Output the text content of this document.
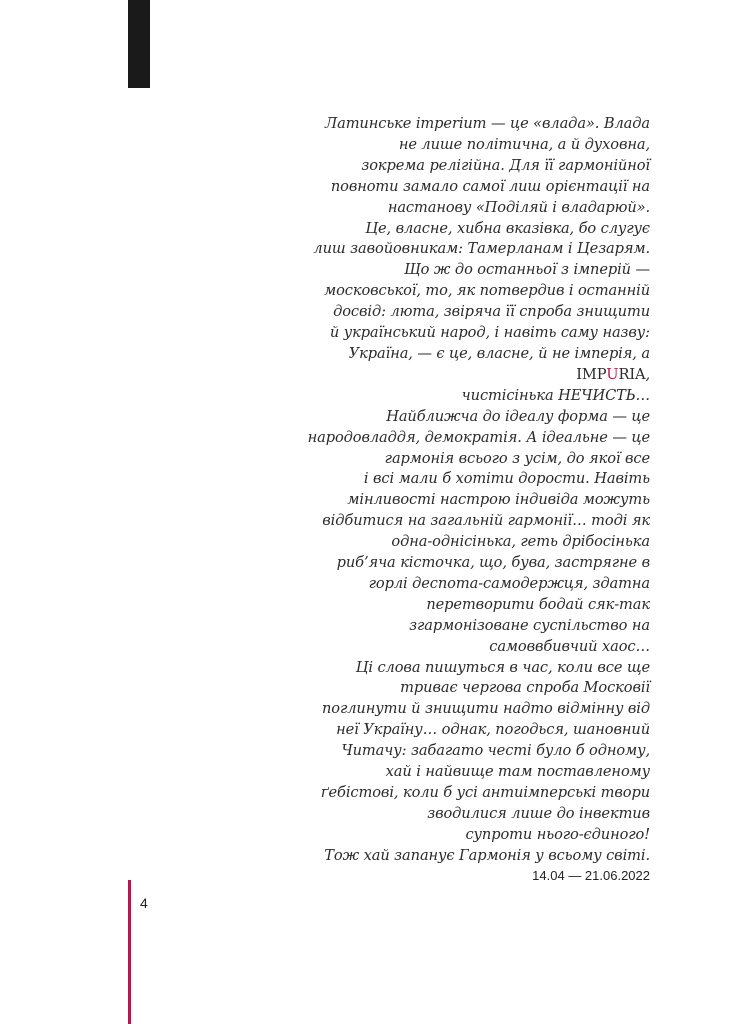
Латинське imperium — це «влада». Влада
не лише політична, а й духовна,
зокрема релігійна. Для її гармонійної
повноти замало самої лиш орієнтації на
настанову «Поділяй і владарюй».
Це, власне, хибна вказівка, бо слугує
лиш завойовникам: Тамерланам і Цезарям.
Що ж до останньої з імперій —
московської, то, як потвердив і останній
досвід: люта, звіряча її спроба знищити
й український народ, і навіть саму назву:
Україна, — є це, власне, й не імперія, а
IMPURIA,
чистісінька НЕЧИСТЬ…
Найближча до ідеалу форма — це
народовладдя, демократія. А ідеальне — це
гармонія всього з усім, до якої все
і всі мали б хотіти дорости. Навіть
мінливості настрою індивіда можуть
відбитися на загальній гармонії… тоді як
одна-однісінька, геть дрібосінька
риб’яча кісточка, що, бува, застрягне в
горлі деспота-самодержця, здатна
перетворити бодай сяк-так
згармонізоване суспільство на
самоввбивчий хаос…
Ці слова пишуться в час, коли все ще
триває чергова спроба Московії
поглинути й знищити надто відмінну від
неї Україну… однак, погодься, шановний
Читачу: забагато честі було б одному,
хай і найвище там поставленому
ґебістові, коли б усі антиімперські твори
зводилися лише до інвектив
супроти нього-єдиного!
Тож хай запанує Гармонія у всьому світі.
14.04 — 21.06.2022
4
